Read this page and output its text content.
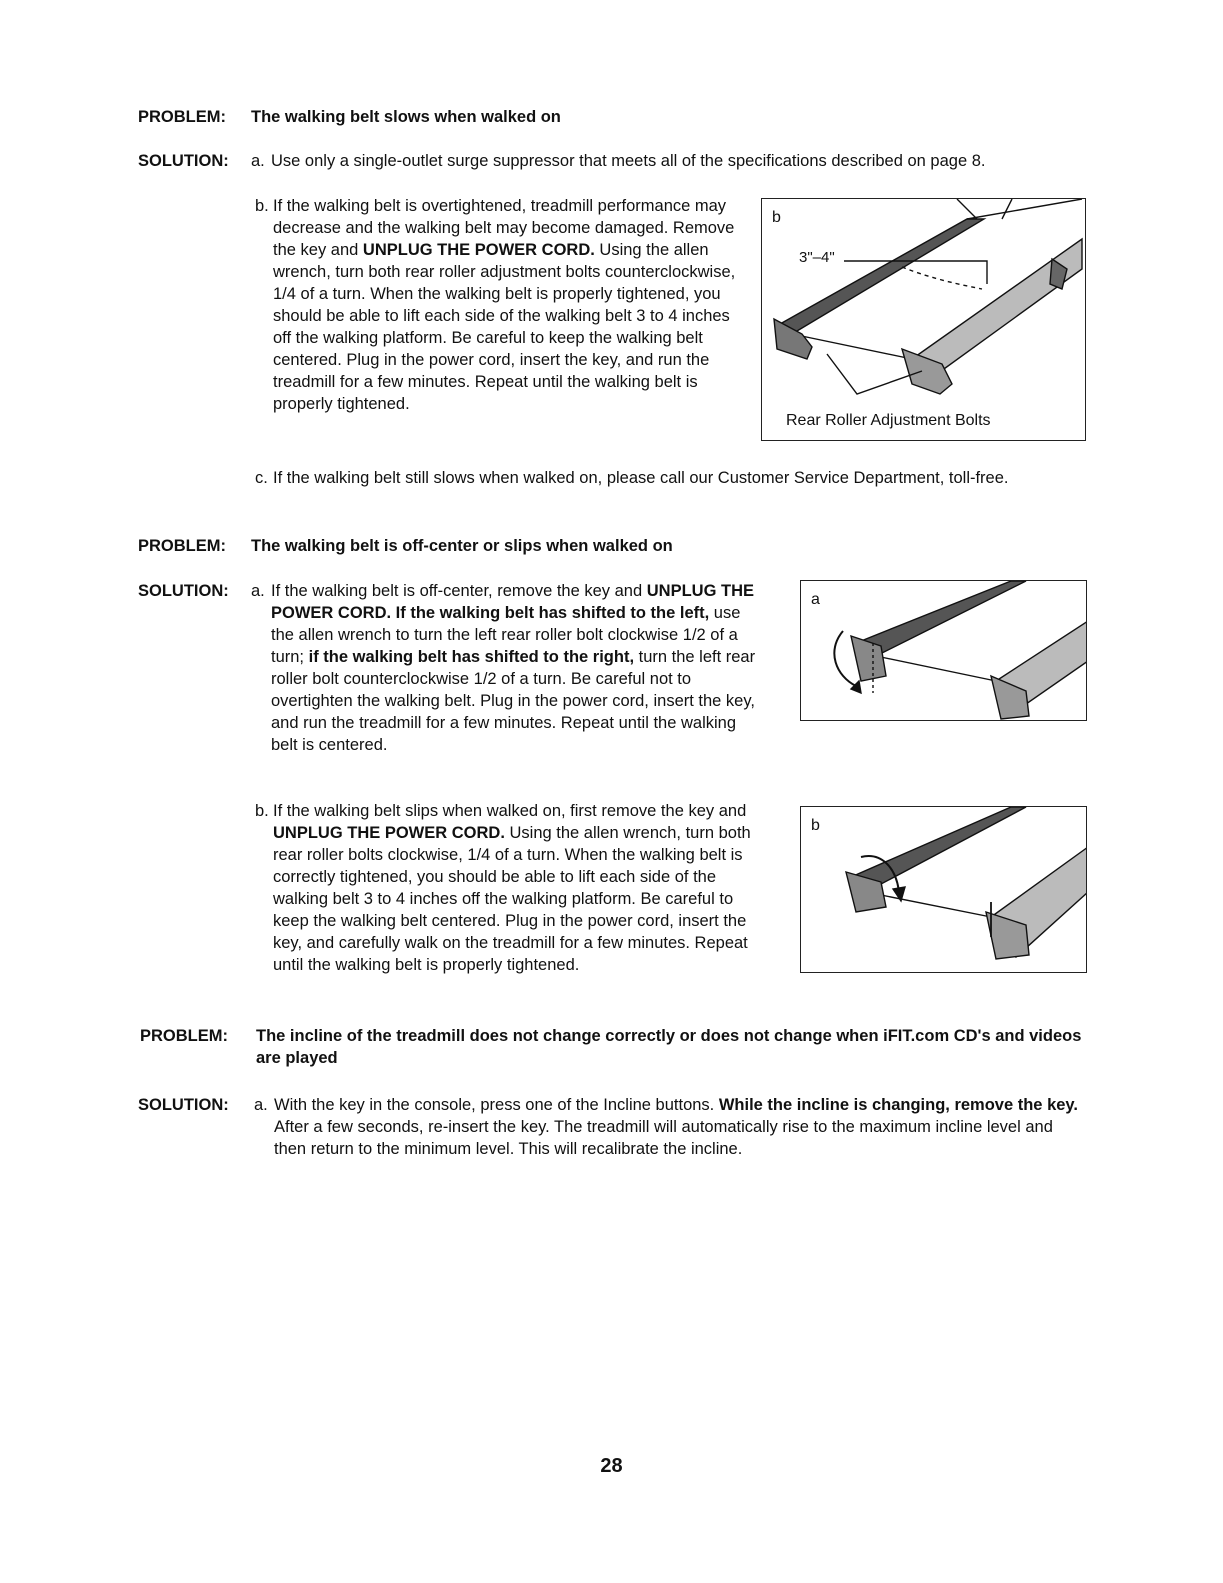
PROBLEM: The walking belt slows when walked on
SOLUTION: a. Use only a single-outlet surge suppressor that meets all of the specifications described on page 8.
b. If the walking belt is overtightened, treadmill performance may decrease and the walking belt may become damaged. Remove the key and UNPLUG THE POWER CORD. Using the allen wrench, turn both rear roller adjustment bolts counterclockwise, 1/4 of a turn. When the walking belt is properly tightened, you should be able to lift each side of the walking belt 3 to 4 inches off the walking platform. Be careful to keep the walking belt centered. Plug in the power cord, insert the key, and run the treadmill for a few minutes. Repeat until the walking belt is properly tightened.
b
3"–4"
Rear Roller Adjustment Bolts
c. If the walking belt still slows when walked on, please call our Customer Service Department, toll-free.
PROBLEM: The walking belt is off-center or slips when walked on
SOLUTION: a. If the walking belt is off-center, remove the key and UNPLUG THE POWER CORD. If the walking belt has shifted to the left, use the allen wrench to turn the left rear roller bolt clockwise 1/2 of a turn; if the walking belt has shifted to the right, turn the left rear roller bolt counterclockwise 1/2 of a turn. Be careful not to overtighten the walking belt. Plug in the power cord, insert the key, and run the treadmill for a few minutes. Repeat until the walking belt is centered.
a
b. If the walking belt slips when walked on, first remove the key and UNPLUG THE POWER CORD. Using the allen wrench, turn both rear roller bolts clockwise, 1/4 of a turn. When the walking belt is correctly tightened, you should be able to lift each side of the walking belt 3 to 4 inches off the walking platform. Be careful to keep the walking belt centered. Plug in the power cord, insert the key, and carefully walk on the treadmill for a few minutes. Repeat until the walking belt is properly tightened.
b
PROBLEM: The incline of the treadmill does not change correctly or does not change when iFIT.com CD's and videos are played
SOLUTION: a. With the key in the console, press one of the Incline buttons. While the incline is changing, remove the key. After a few seconds, re-insert the key. The treadmill will automatically rise to the maximum incline level and then return to the minimum level. This will recalibrate the incline.
28
